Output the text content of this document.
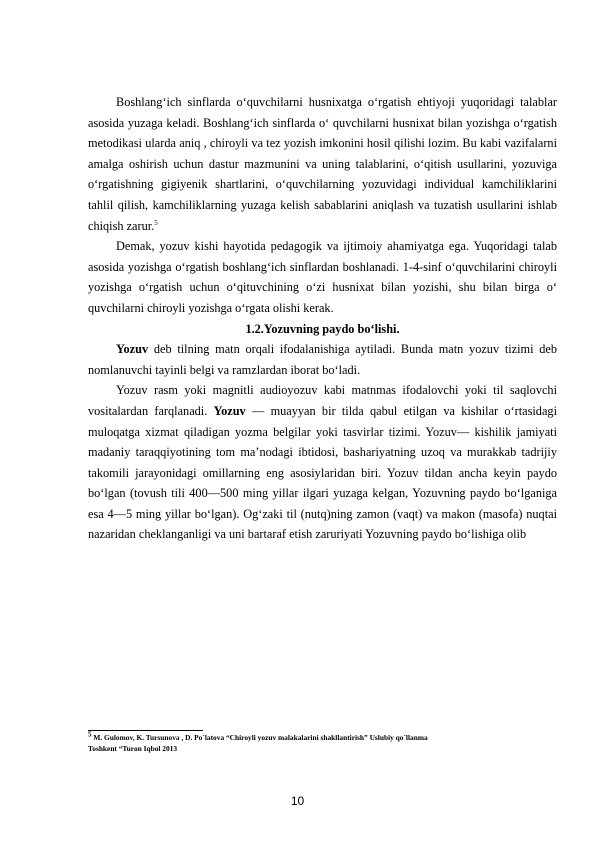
Boshlang‘ich sinflarda o‘quvchilarni husnixatga o‘rgatish ehtiyoji yuqoridagi talablar asosida yuzaga keladi. Boshlang‘ich sinflarda o‘ quvchilarni husnixat bilan yozishga o‘rgatish metodikasi ularda aniq , chiroyli va tez yozish imkonini hosil qilishi lozim. Bu kabi vazifalarni amalga oshirish uchun dastur mazmunini va uning talablarini, o‘qitish usullarini, yozuviga o‘rgatishning gigiyenik shartlarini, o‘quvchilarning yozuvidagi individual kamchiliklarini tahlil qilish, kamchiliklarning yuzaga kelish sabablarini aniqlash va tuzatish usullarini ishlab chiqish zarur.$^5$

Demak, yozuv kishi hayotida pedagogik va ijtimoiy ahamiyatga ega. Yuqoridagi talab asosida yozishga o‘rgatish boshlang‘ich sinflardan boshlanadi. 1-4-sinf o‘quvchilarini chiroyli yozishga o‘rgatish uchun o‘qituvchining o‘zi husnixat bilan yozishi, shu bilan birga o‘ quvchilarni chiroyli yozishga o‘rgata olishi kerak.

1.2.Yozuvning paydo bo‘lishi.

Yozuv deb tilning matn orqali ifodalanishiga aytiladi. Bunda matn yozuv tizimi deb nomlanuvchi tayinli belgi va ramzlardan iborat boʻladi.

Yozuv rasm yoki magnitli audioyozuv kabi matnmas ifodalovchi yoki til saqlovchi vositalardan farqlanadi. Yozuv — muayyan bir tilda qabul etilgan va kishilar oʻrtasidagi muloqatga xizmat qiladigan yozma belgilar yoki tasvirlar tizimi. Yozuv— kishilik jamiyati madaniy taraqqiyotining tom maʼnodagi ibtidosi, bashariyatning uzoq va murakkab tadrijiy takomili jarayonidagi omillarning eng asosiylaridan biri. Yozuv tildan ancha keyin paydo boʻlgan (tovush tili 400—500 ming yillar ilgari yuzaga kelgan, Yozuvning paydo boʻlganiga esa 4—5 ming yillar boʻlgan). Ogʻzaki til (nutq)ning zamon (vaqt) va makon (masofa) nuqtai nazaridan cheklanganligi va uni bartaraf etish zaruriyati Yozuvning paydo boʻlishiga olib

$^5$ M. Gulomov, K. Tursunova , D. Po`latova “Chiroyli yozuv malakalarini shakllantirish” Uslubiy qo`llanma
Toshkent “Turon Iqbol 2013
10
